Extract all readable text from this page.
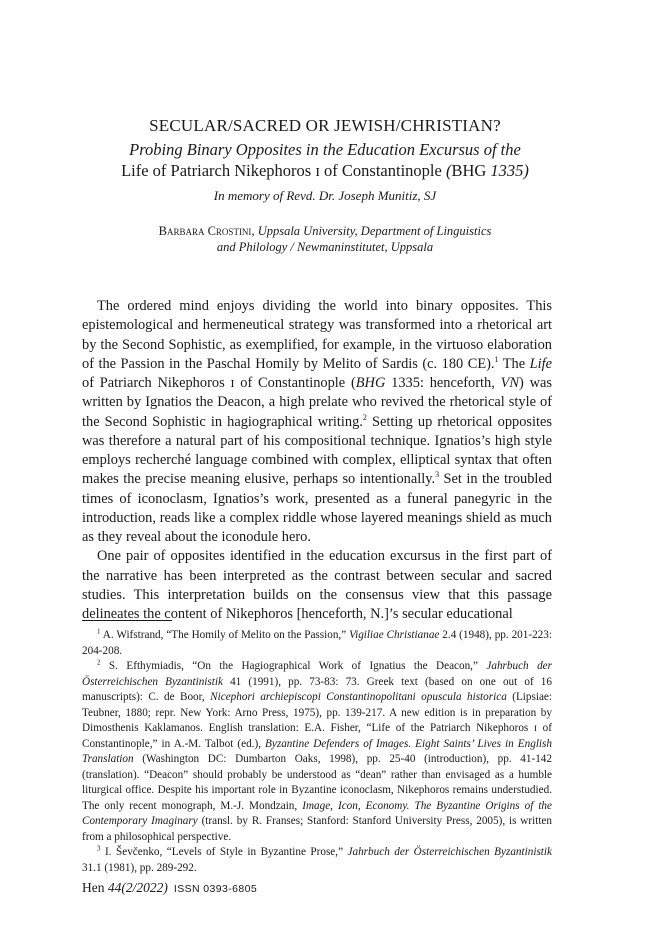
SECULAR/SACRED OR JEWISH/CHRISTIAN?
Probing Binary Opposites in the Education Excursus of the
Life of Patriarch Nikephoros ɪ of Constantinople (BHG 1335)
In memory of Revd. Dr. Joseph Munitiz, SJ
Barbara Crostini, Uppsala University, Department of Linguistics
and Philology / Newmaninstitutet, Uppsala

The ordered mind enjoys dividing the world into binary opposites. This epistemological and hermeneutical strategy was transformed into a rhetorical art by the Second Sophistic, as exemplified, for example, in the virtuoso elaboration of the Passion in the Paschal Homily by Melito of Sardis (c. 180 CE).$^1$ The Life of Patriarch Nikephoros ɪ of Constantinople (BHG 1335: henceforth, VN) was written by Ignatios the Deacon, a high prelate who revived the rhetorical style of the Second Sophistic in hagiographical writing.$^2$ Setting up rhetorical opposites was therefore a natural part of his compositional technique. Ignatios’s high style employs recherché language combined with complex, elliptical syntax that often makes the precise meaning elusive, perhaps so intentionally.$^3$ Set in the troubled times of iconoclasm, Ignatios’s work, presented as a funeral panegyric in the introduction, reads like a complex riddle whose layered meanings shield as much as they reveal about the iconodule hero.

One pair of opposites identified in the education excursus in the first part of the narrative has been interpreted as the contrast between secular and sacred studies. This interpretation builds on the consensus view that this passage delineates the content of Nikephoros [henceforth, N.]’s secular educational

$^1$ A. Wifstrand, “The Homily of Melito on the Passion,” Vigiliae Christianae 2.4 (1948), pp. 201-223: 204-208.

$^2$ S. Efthymiadis, “On the Hagiographical Work of Ignatius the Deacon,” Jahrbuch der Österreichischen Byzantinistik 41 (1991), pp. 73-83: 73. Greek text (based on one out of 16 manuscripts): C. de Boor, Nicephori archiepiscopi Constantinopolitani opuscula historica (Lipsiae: Teubner, 1880; repr. New York: Arno Press, 1975), pp. 139-217. A new edition is in preparation by Dimosthenis Kaklamanos. English translation: E.A. Fisher, “Life of the Patriarch Nikephoros ɪ of Constantinople,” in A.-M. Talbot (ed.), Byzantine Defenders of Images. Eight Saints’ Lives in English Translation (Washington DC: Dumbarton Oaks, 1998), pp. 25-40 (introduction), pp. 41-142 (translation). “Deacon” should probably be understood as “dean” rather than envisaged as a humble liturgical office. Despite his important role in Byzantine iconoclasm, Nikephoros remains understudied. The only recent monograph, M.-J. Mondzain, Image, Icon, Economy. The Byzantine Origins of the Contemporary Imaginary (transl. by R. Franses; Stanford: Stanford University Press, 2005), is written from a philosophical perspective.

$^3$ I. Ševčenko, “Levels of Style in Byzantine Prose,” Jahrbuch der Österreichischen Byzantinistik 31.1 (1981), pp. 289-292.

Hen 44(2/2022) ISSN 0393-6805
